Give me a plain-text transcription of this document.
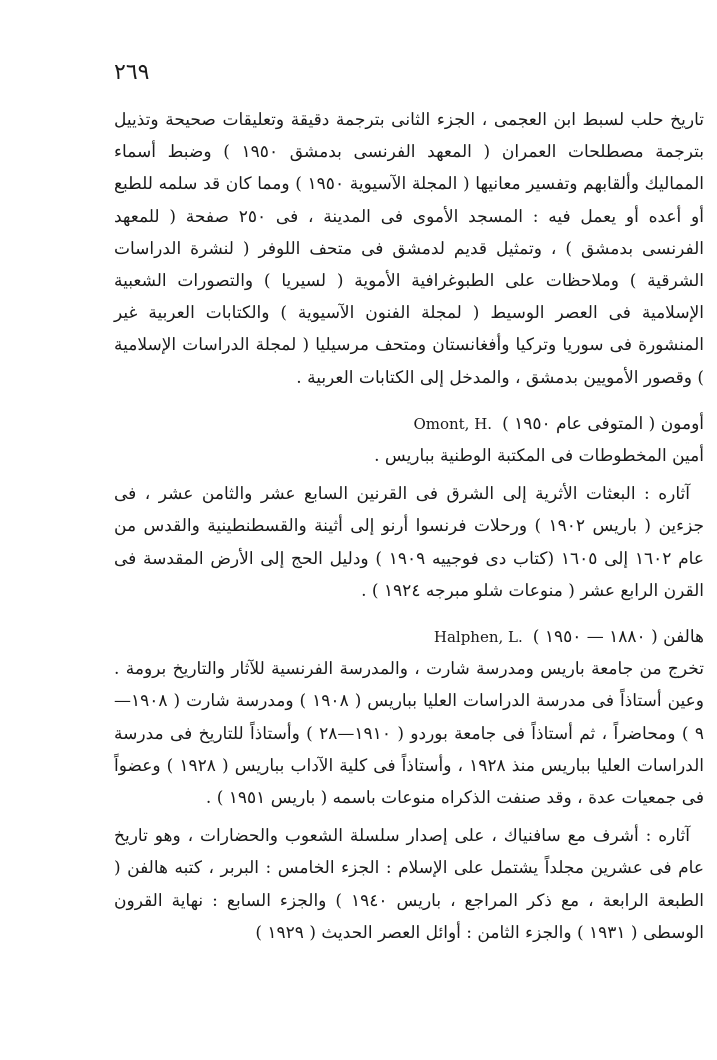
٢٦٩

تاريخ حلب لسبط ابن العجمى ، الجزء الثانى بترجمة دقيقة وتعليقات صحيحة وتذييل بترجمة مصطلحات العمران ( المعهد الفرنسى بدمشق ١٩٥٠ ) وضبط أسماء المماليك وألقابهم وتفسير معانيها ( المجلة الآسيوية ١٩٥٠ ) ومما كان قد سلمه للطبع أو أعده أو يعمل فيه : المسجد الأموى فى المدينة ، فى ٢٥٠ صفحة ( للمعهد الفرنسى بدمشق ) ، وتمثيل قديم لدمشق فى متحف اللوفر ( لنشرة الدراسات الشرقية ) وملاحظات على الطبوغرافية الأموية ( لسيريا ) والتصورات الشعبية الإسلامية فى العصر الوسيط ( لمجلة الفنون الآسيوية ) والكتابات العربية غير المنشورة فى سوريا وتركيا وأفغانستان ومتحف مرسيليا ( لمجلة الدراسات الإسلامية ) وقصور الأمويين بدمشق ، والمدخل إلى الكتابات العربية .

أومون ( المتوفى عام ١٩٥٠ )
Omont, H.

أمين المخطوطات فى المكتبة الوطنية بباريس .

آثاره : البعثات الأثرية إلى الشرق فى القرنين السابع عشر والثامن عشر ، فى جزءين ( باريس ١٩٠٢ ) ورحلات فرنسوا أرنو إلى أثينة والقسطنطينية والقدس من عام ١٦٠٢ إلى ١٦٠٥ (كتاب دى فوجييه ١٩٠٩ ) ودليل الحج إلى الأرض المقدسة فى القرن الرابع عشر ( منوعات شلو مبرجه ١٩٢٤ ) .

هالفن ( ١٨٨٠ — ١٩٥٠ )
Halphen, L.

تخرج من جامعة باريس ومدرسة شارت ، والمدرسة الفرنسية للآثار والتاريخ برومة . وعين أستاذاً فى مدرسة الدراسات العليا بباريس ( ١٩٠٨ ) ومدرسة شارت ( ١٩٠٨—٩ ) ومحاضراً ، ثم أستاذاً فى جامعة بوردو ( ١٩١٠—٢٨ ) وأستاذاً للتاريخ فى مدرسة الدراسات العليا بباريس منذ ١٩٢٨ ، وأستاذاً فى كلية الآداب بباريس ( ١٩٢٨ ) وعضواً فى جمعيات عدة ، وقد صنفت الذكراه منوعات باسمه ( باريس ١٩٥١ ) .

آثاره : أشرف مع سافنياك ، على إصدار سلسلة الشعوب والحضارات ، وهو تاريخ عام فى عشرين مجلداً يشتمل على الإسلام : الجزء الخامس : البربر ، كتبه هالفن ( الطبعة الرابعة ، مع ذكر المراجع ، باريس ١٩٤٠ ) والجزء السابع : نهاية القرون الوسطى ( ١٩٣١ ) والجزء الثامن : أوائل العصر الحديث ( ١٩٢٩ )
